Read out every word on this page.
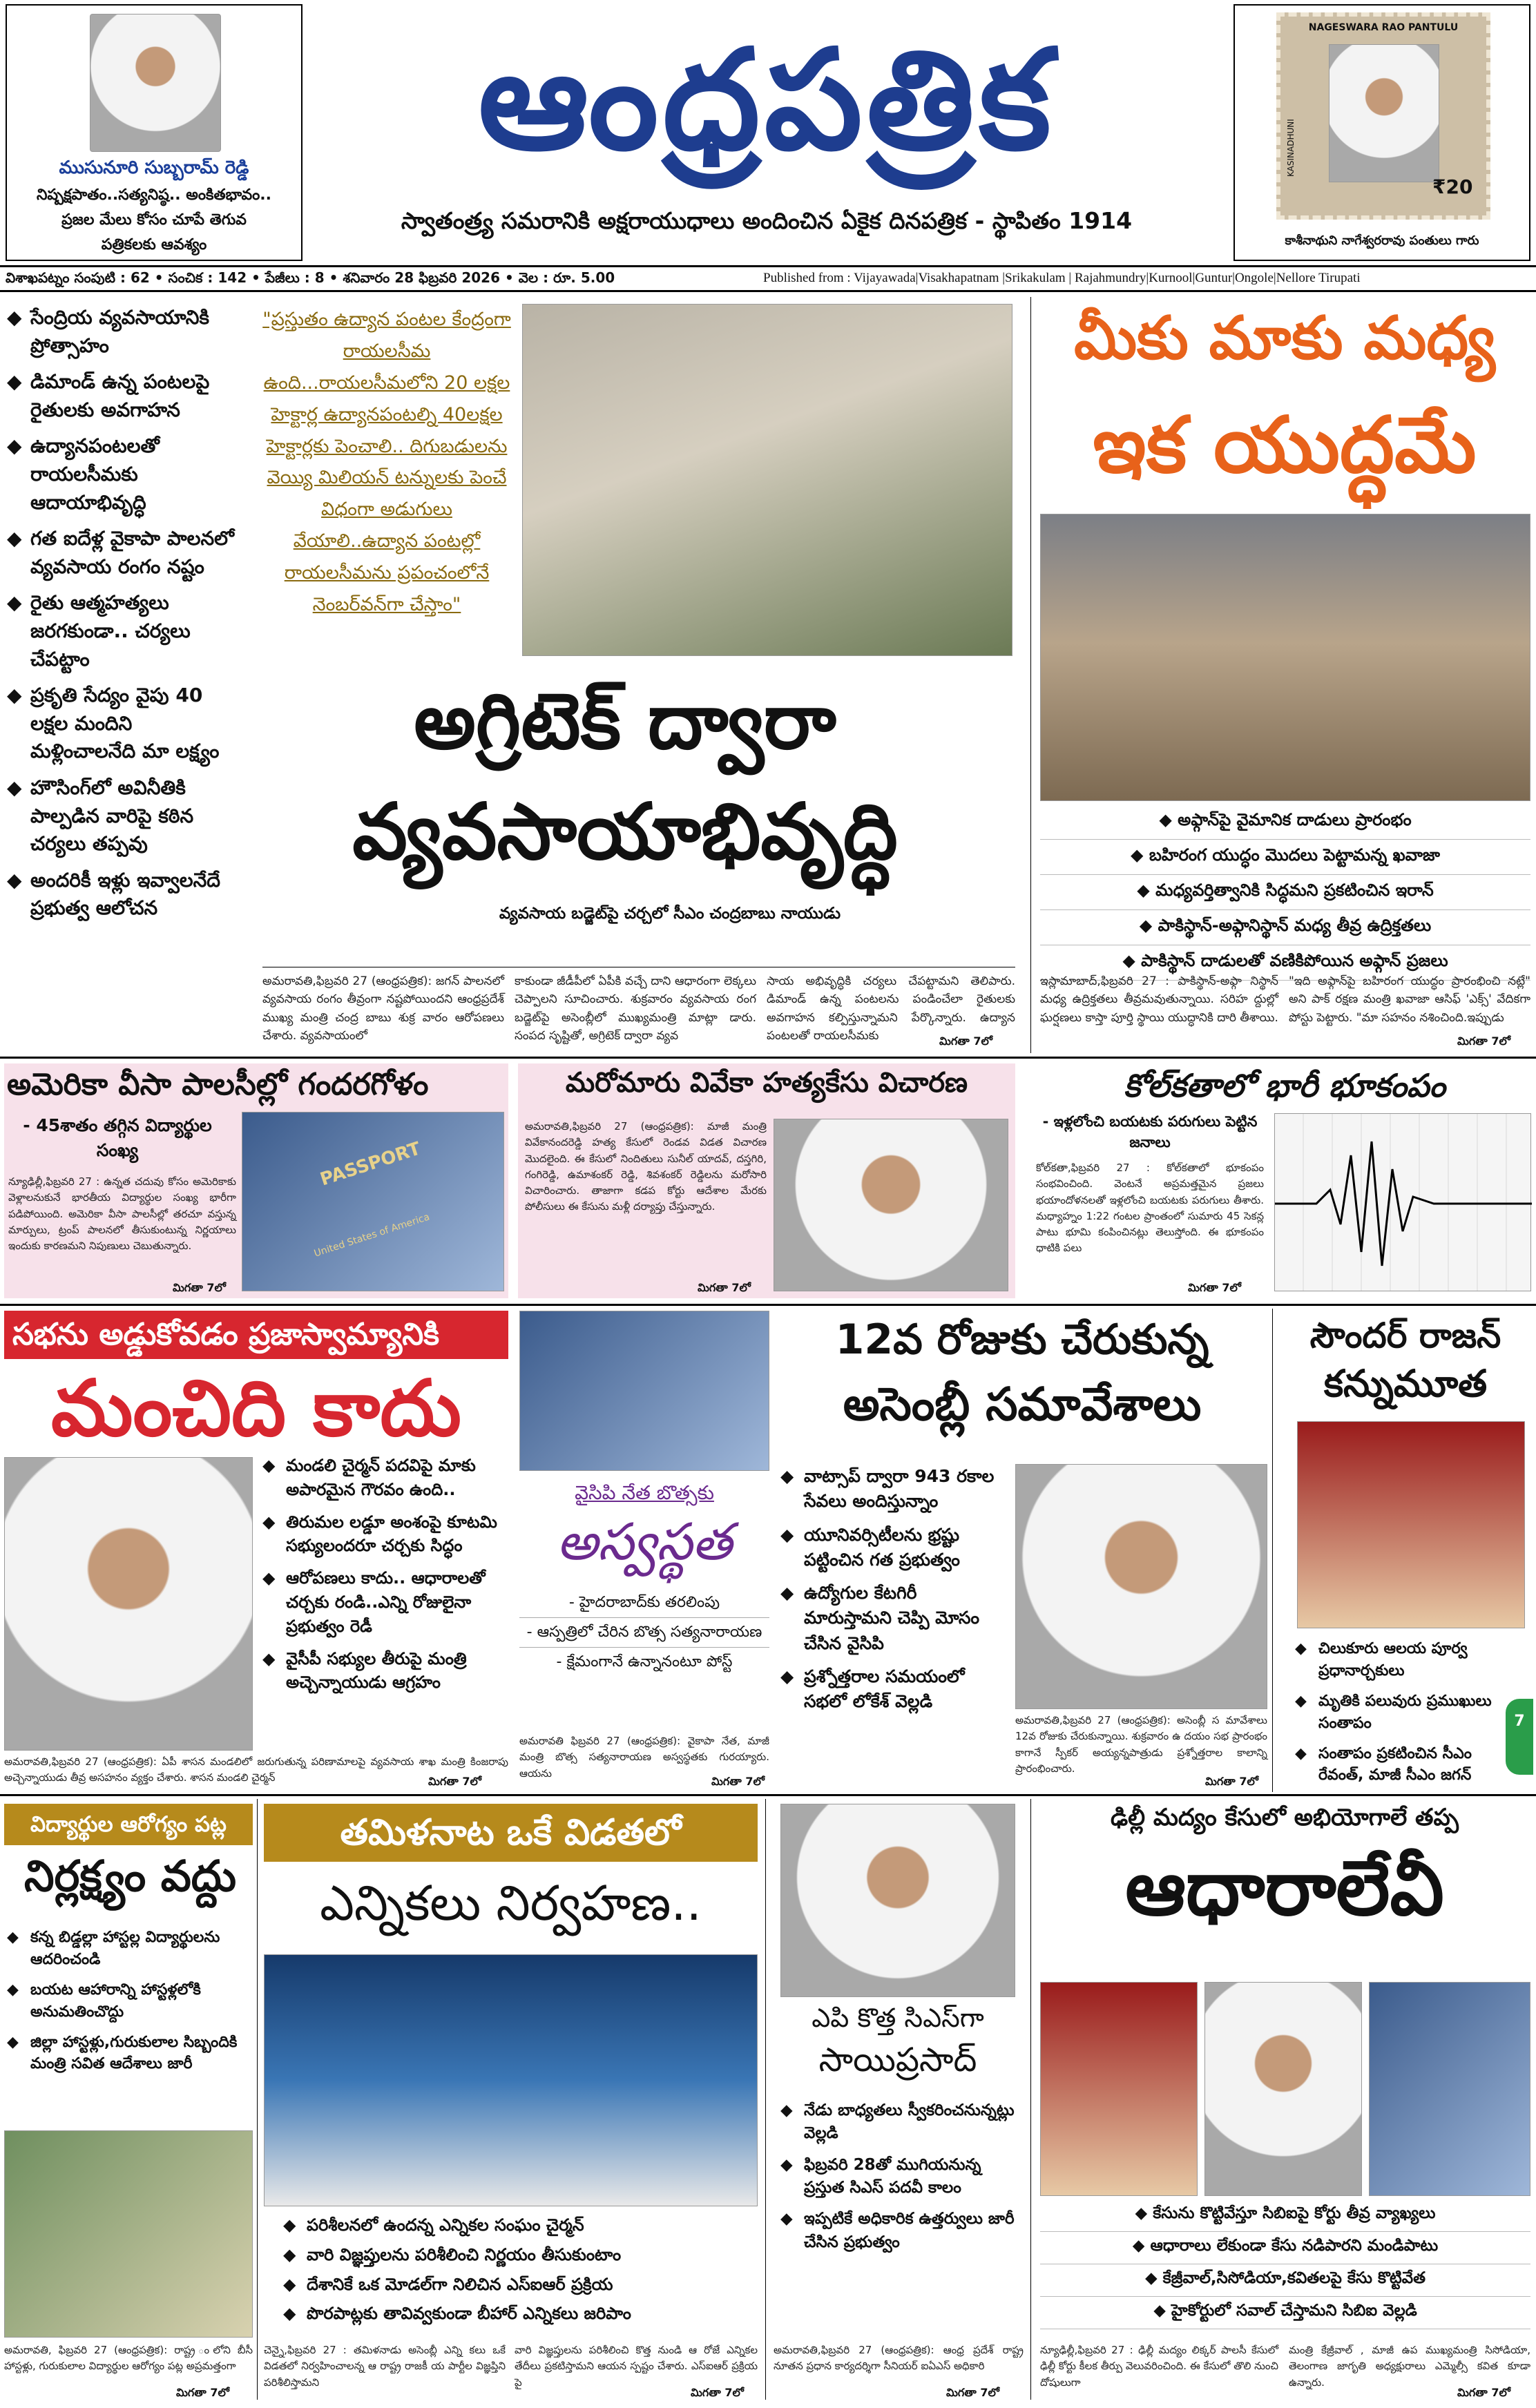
ముసునూరి సుబ్బరామ్ రెడ్డి
నిష్పక్షపాతం..సత్యనిష్ఠ.. అంకితభావం..
ప్రజల మేలు కోసం చూపే తెగువ
పత్రికలకు ఆవశ్యం
ఆంధ్రపత్రిక
స్వాతంత్ర్య సమరానికి అక్షరాయుధాలు అందించిన ఏకైక దినపత్రిక - స్థాపితం 1914
NAGESWARA RAO PANTULU
KASINADHUNI
₹20
కాశీనాథుని నాగేశ్వరరావు పంతులు గారు
విశాఖపట్నం సంపుటి : 62 • సంచిక : 142 • పేజీలు : 8 • శనివారం 28 ఫిబ్రవరి 2026 • వెల : రూ. 5.00	Published from : Vijayawada|Visakhapatnam |Srikakulam | Rajahmundry|Kurnool|Guntur|Ongole|Nellore Tirupati
◆ సేంద్రియ వ్యవసాయానికి ప్రోత్సాహం
◆ డిమాండ్ ఉన్న పంటలపై రైతులకు అవగాహన
◆ ఉద్యానపంటలతో రాయలసీమకు ఆదాయాభివృద్ధి
◆ గత ఐదేళ్ల వైకాపా పాలనలో వ్యవసాయ రంగం నష్టం
◆ రైతు ఆత్మహత్యలు జరగకుండా.. చర్యలు చేపట్టాం
◆ ప్రకృతి సేద్యం వైపు 40 లక్షల మందిని మళ్లించాలనేది మా లక్ష్యం
◆ హౌసింగ్‌లో అవినీతికి పాల్పడిన వారిపై కఠిన చర్యలు తప్పవు
◆ అందరికీ ఇళ్లు ఇవ్వాలనేదే ప్రభుత్వ ఆలోచన
"ప్రస్తుతం ఉద్యాన పంటల కేంద్రంగా రాయలసీమ ఉంది...రాయలసీమలోని 20 లక్షల హెక్టార్ల ఉద్యానపంటల్ని 40లక్షల హెక్టార్లకు పెంచాలి.. దిగుబడులను వెయ్యి మిలియన్ టన్నులకు పెంచే విధంగా అడుగులు వేయాలి..ఉద్యాన పంటల్లో రాయలసీమను ప్రపంచంలోనే నెంబర్‌వన్‌గా చేస్తాం"
అగ్రిటెక్ ద్వారా
వ్యవసాయాభివృద్ధి
వ్యవసాయ బడ్జెట్‌పై చర్చలో సీఎం చంద్రబాబు నాయుడు
అమరావతి,ఫిబ్రవరి 27 (ఆంధ్రపత్రిక): జగన్ పాలనలో వ్యవసాయ రంగం తీవ్రంగా నష్టపోయిందని ఆంధ్రప్రదేశ్ ముఖ్య మంత్రి చంద్ర బాబు శుక్ర వారం ఆరోపణలు చేశారు. వ్యవసాయంలో
కాకుండా జీడీపీలో ఏపీకి వచ్చే దాని ఆధారంగా లెక్కలు చెప్పాలని సూచించారు. శుక్రవారం వ్యవసాయ రంగ బడ్జెట్‌పై అసెంబ్లీలో ముఖ్యమంత్రి మాట్లా డారు. సంపద సృష్టితో, అగ్రిటెక్ ద్వారా వ్యవ
సాయ అభివృద్ధికి చర్యలు చేపట్టామని తెలిపారు. డిమాండ్ ఉన్న పంటలను పండించేలా రైతులకు అవగాహన కల్పిస్తున్నామని పేర్కొన్నారు. ఉద్యాన పంటలతో రాయలసీమకు	మిగతా 7లో
మీకు మాకు మధ్య
ఇక యుద్ధమే
◆ అఫ్గాన్‌పై వైమానిక దాడులు ప్రారంభం
◆ బహిరంగ యుద్ధం మొదలు పెట్టామన్న ఖవాజా
◆ మధ్యవర్తిత్వానికి సిద్ధమని ప్రకటించిన ఇరాన్
◆ పాకిస్థాన్-అఫ్గానిస్థాన్ మధ్య తీవ్ర ఉద్రిక్తతలు
◆ పాకిస్థాన్ దాడులతో వణికిపోయిన అఫ్గాన్ ప్రజలు
ఇస్లామాబాద్,ఫిబ్రవరి 27 : పాకిస్థాన్-అఫ్గా నిస్థాన్ మధ్య ఉద్రిక్తతలు తీవ్రమవుతున్నాయి. సరిహ ద్దుల్లో ఘర్షణలు కాస్తా పూర్తి స్థాయి యుద్ధానికి దారి తీశాయి.
"ఇది అఫ్గాన్‌పై బహిరంగ యుద్ధం ప్రారంభించి నట్లే" అని పాక్ రక్షణ మంత్రి ఖవాజా ఆసిఫ్ 'ఎక్స్' వేదికగా పోస్టు పెట్టారు. "మా సహనం నశించింది.ఇప్పుడు
మిగతా 7లో
అమెరికా వీసా పాలసీల్లో గందరగోళం
- 45శాతం తగ్గిన విద్యార్థుల సంఖ్య
న్యూఢిల్లీ,ఫిబ్రవరి 27 : ఉన్నత చదువు కోసం అమెరికాకు వెళ్లాలనుకునే భారతీయ విద్యార్థుల సంఖ్య భారీగా పడిపోయింది. అమెరికా వీసా పాలసీల్లో తరచూ వస్తున్న మార్పులు, ట్రంప్ పాలనలో తీసుకుంటున్న నిర్ణయాలు ఇందుకు కారణమని నిపుణులు చెబుతున్నారు.
PASSPORT
United States of America
మిగతా 7లో
మరోమారు వివేకా హత్యకేసు విచారణ
అమరావతి,ఫిబ్రవరి 27 (ఆంధ్రపత్రిక): మాజీ మంత్రి వివేకానందరెడ్డి హత్య కేసులో రెండవ విడత విచారణ మొదలైంది. ఈ కేసులో నిందితులు సునీల్ యాదవ్, దస్తగిరి, గంగిరెడ్డి, ఉమాశంకర్ రెడ్డి, శివశంకర్ రెడ్డిలను మరోసారి విచారించారు. తాజాగా కడప కోర్టు ఆదేశాల మేరకు పోలీసులు ఈ కేసును మళ్లీ దర్యాప్తు చేస్తున్నారు.
మిగతా 7లో
కోల్‌కతాలో భారీ భూకంపం
- ఇళ్లలోంచి బయటకు పరుగులు పెట్టిన జనాలు
కోల్‌కతా,ఫిబ్రవరి 27 : కోల్‌కతాలో భూకంపం సంభవించింది. వెంటనే అప్రమత్తమైన ప్రజలు భయాందోళనలతో ఇళ్లలోంచి బయటకు పరుగులు తీశారు. మధ్యాహ్నం 1:22 గంటల ప్రాంతంలో సుమారు 45 సెకన్ల పాటు భూమి కంపించినట్లు తెలుస్తోంది. ఈ భూకంపం ధాటికి పలు
మిగతా 7లో
సభను అడ్డుకోవడం ప్రజాస్వామ్యానికి
మంచిది కాదు
◆ మండలి చైర్మన్ పదవిపై మాకు అపారమైన గౌరవం ఉంది..
◆ తిరుమల లడ్డూ అంశంపై కూటమి సభ్యులందరూ చర్చకు సిద్ధం
◆ ఆరోపణలు కాదు.. ఆధారాలతో చర్చకు రండి..ఎన్ని రోజులైనా ప్రభుత్వం రెడీ
◆ వైసీపీ సభ్యుల తీరుపై మంత్రి అచ్చెన్నాయుడు ఆగ్రహం
అమరావతి,ఫిబ్రవరి 27 (ఆంధ్రపత్రిక): ఏపీ శాసన మండలిలో జరుగుతున్న పరిణామాలపై వ్యవసాయ శాఖ మంత్రి కింజరాపు అచ్చెన్నాయుడు తీవ్ర అసహనం వ్యక్తం చేశారు. శాసన మండలి చైర్మన్	మిగతా 7లో
వైసిపి నేత బొత్సకు
అస్వస్థత
- హైదరాబాద్‌కు తరలింపు
- ఆస్పత్రిలో చేరిన బొత్స సత్యనారాయణ
- క్షేమంగానే ఉన్నానంటూ పోస్ట్
అమరావతి ఫిబ్రవరి 27 (ఆంధ్రపత్రిక): వైకాపా నేత, మాజీ మంత్రి బొత్స సత్యనారాయణ అస్వస్థతకు గురయ్యారు. ఆయను
మిగతా 7లో
12వ రోజుకు చేరుకున్న
అసెంబ్లీ సమావేశాలు
◆ వాట్సాప్ ద్వారా 943 రకాల సేవలు అందిస్తున్నాం
◆ యూనివర్సిటీలను భ్రష్టు పట్టించిన గత ప్రభుత్వం
◆ ఉద్యోగుల కేటగిరీ మారుస్తామని చెప్పి మోసం చేసిన వైసిపి
◆ ప్రశ్నోత్తరాల సమయంలో సభలో లోకేశ్ వెల్లడి
అమరావతి,ఫిబ్రవరి 27 (ఆంధ్రపత్రిక): అసెంబ్లీ స మావేశాలు 12వ రోజుకు చేరుకున్నాయి. శుక్రవారం ఉ దయం సభ ప్రారంభం కాగానే స్పీకర్ అయ్యన్నపాత్రుడు ప్రశ్నోత్తరాల కాలాన్ని ప్రారంభించారు.
మిగతా 7లో
సౌందర్ రాజన్
కన్నుమూత
◆ చిలుకూరు ఆలయ పూర్వ ప్రధానార్చకులు
◆ మృతికి పలువురు ప్రముఖులు సంతాపం
◆ సంతాపం ప్రకటించిన సీఎం రేవంత్, మాజీ సీఎం జగన్
7
విద్యార్థుల ఆరోగ్యం పట్ల
నిర్లక్ష్యం వద్దు
◆ కన్న బిడ్డల్లా హాస్టల్ల విద్యార్థులను ఆదరించండి
◆ బయట ఆహారాన్ని హాస్టళ్లలోకి అనుమతించొద్దు
◆ జిల్లా హాస్టళ్లు,గురుకులాల సిబ్బందికి మంత్రి సవిత ఆదేశాలు జారీ
అమరావతి, ఫిబ్రవరి 27 (ఆంధ్రపత్రిక): రాష్ట్ర ంలోని బీసీ హాస్టళ్లు, గురుకులాల విద్యార్థుల ఆరోగ్యం పట్ల అప్రమత్తంగా
మిగతా 7లో
తమిళనాట ఒకే విడతలో
ఎన్నికలు నిర్వహణ..
◆ పరిశీలనలో ఉందన్న ఎన్నికల సంఘం చైర్మన్
◆ వారి విజ్ఞప్తులను పరిశీలించి నిర్ణయం తీసుకుంటాం
◆ దేశానికే ఒక మోడల్‌గా నిలిచిన ఎస్ఐఆర్ ప్రక్రియ
◆ పొరపాట్లకు తావివ్వకుండా బీహార్ ఎన్నికలు జరిపాం
చెన్నై,ఫిబ్రవరి 27 : తమిళనాడు అసెంబ్లీ ఎన్ని కలు ఒకే విడతలో నిర్వహించాలన్న ఆ రాష్ట్ర రాజకీ య పార్టీల విజ్ఞప్తిని పరిశీలిస్తామని
వారి విజ్ఞప్తులను పరిశీలించి కొత్త నుండి ఆ రోజే ఎన్నికల తేదీలు ప్రకటిస్తామని ఆయన స్పష్టం చేశారు. ఎస్ఐఆర్ ప్రక్రియ పై
మిగతా 7లో
ఎపి కొత్త సిఎస్‌గా
సాయిప్రసాద్
◆ నేడు బాధ్యతలు స్వీకరించనున్నట్లు వెల్లడి
◆ ఫిబ్రవరి 28తో ముగియనున్న ప్రస్తుత సిఎస్ పదవీ కాలం
◆ ఇప్పటికే అధికారిక ఉత్తర్వులు జారీ చేసిన ప్రభుత్వం
అమరావతి,ఫిబ్రవరి 27 (ఆంధ్రపత్రిక): ఆంధ్ర ప్రదేశ్ రాష్ట్ర నూతన ప్రధాన కార్యదర్శిగా సీనియర్ ఐఏఎస్ అధికారి
మిగతా 7లో
ఢిల్లీ మద్యం కేసులో అభియోగాలే తప్ప
ఆధారాలేవీ
◆ కేసును కొట్టివేస్తూ సిబిఐపై కోర్టు తీవ్ర వ్యాఖ్యలు
◆ ఆధారాలు లేకుండా కేసు నడిపారని మండిపాటు
◆ కేజ్రీవాల్,సిసోడియా,కవితలపై కేసు కొట్టివేత
◆ హైకోర్టులో సవాల్ చేస్తామని సిబిఐ వెల్లడి
న్యూఢిల్లీ,ఫిబ్రవరి 27 : ఢిల్లీ మద్యం లిక్కర్ పాలసీ కేసులో ఢిల్లీ కోర్టు కీలక తీర్పు వెలువరించింది. ఈ కేసులో తొలి నుంచి దోషులుగా
మంత్రి కేజ్రీవాల్ , మాజీ ఉప ముఖ్యమంత్రి సిసోడియా, తెలంగాణ జాగృతి అధ్యక్షురాలు ఎమ్మెల్సీ కవిత కూడా ఉన్నారు.
మిగతా 7లో
